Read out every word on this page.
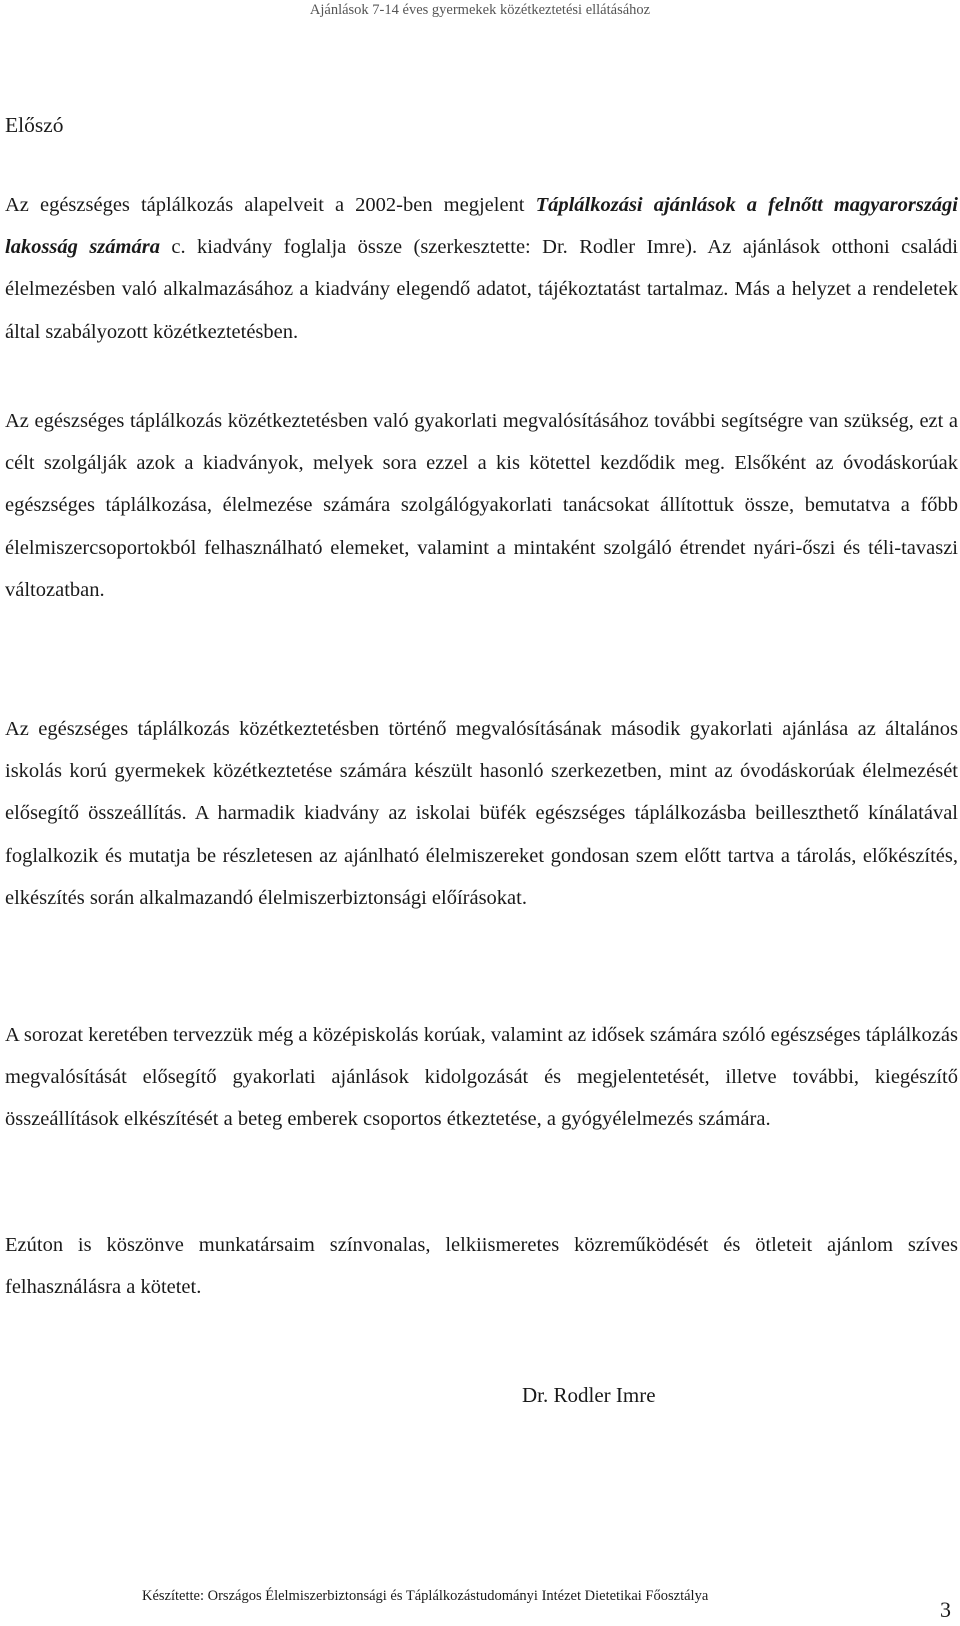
Ajánlások 7-14 éves gyermekek közétkeztetési ellátásához
Előszó

Az egészséges táplálkozás alapelveit a 2002-ben megjelent Táplálkozási ajánlások a felnőtt magyarországi lakosság számára c. kiadvány foglalja össze (szerkesztette: Dr. Rodler Imre). Az ajánlások otthoni családi élelmezésben való alkalmazásához a kiadvány elegendő adatot, tájékoztatást tartalmaz. Más a helyzet a rendeletek által szabályozott közétkeztetésben.

Az egészséges táplálkozás közétkeztetésben való gyakorlati megvalósításához további segítségre van szükség, ezt a célt szolgálják azok a kiadványok, melyek sora ezzel a kis kötettel kezdődik meg. Elsőként az óvodáskorúak egészséges táplálkozása, élelmezése számára szolgálógyakorlati tanácsokat állítottuk össze, bemutatva a főbb élelmiszercsoportokból felhasználható elemeket, valamint a mintaként szolgáló étrendet nyári-őszi és téli-tavaszi változatban.

Az egészséges táplálkozás közétkeztetésben történő megvalósításának második gyakorlati ajánlása az általános iskolás korú gyermekek közétkeztetése számára készült hasonló szerkezetben, mint az óvodáskorúak élelmezését elősegítő összeállítás. A harmadik kiadvány az iskolai büfék egészséges táplálkozásba beilleszthető kínálatával foglalkozik és mutatja be részletesen az ajánlható élelmiszereket gondosan szem előtt tartva a tárolás, előkészítés, elkészítés során alkalmazandó élelmiszerbiztonsági előírásokat.

A sorozat keretében tervezzük még a középiskolás korúak, valamint az idősek számára szóló egészséges táplálkozás megvalósítását elősegítő gyakorlati ajánlások kidolgozását és megjelentetését, illetve további, kiegészítő összeállítások elkészítését a beteg emberek csoportos étkeztetése, a gyógyélelmezés számára.

Ezúton is köszönve munkatársaim színvonalas, lelkiismeretes közreműködését és ötleteit ajánlom szíves felhasználásra a kötetet.

Dr. Rodler Imre

Készítette: Országos Élelmiszerbiztonsági és Táplálkozástudományi Intézet Dietetikai Főosztálya
3
